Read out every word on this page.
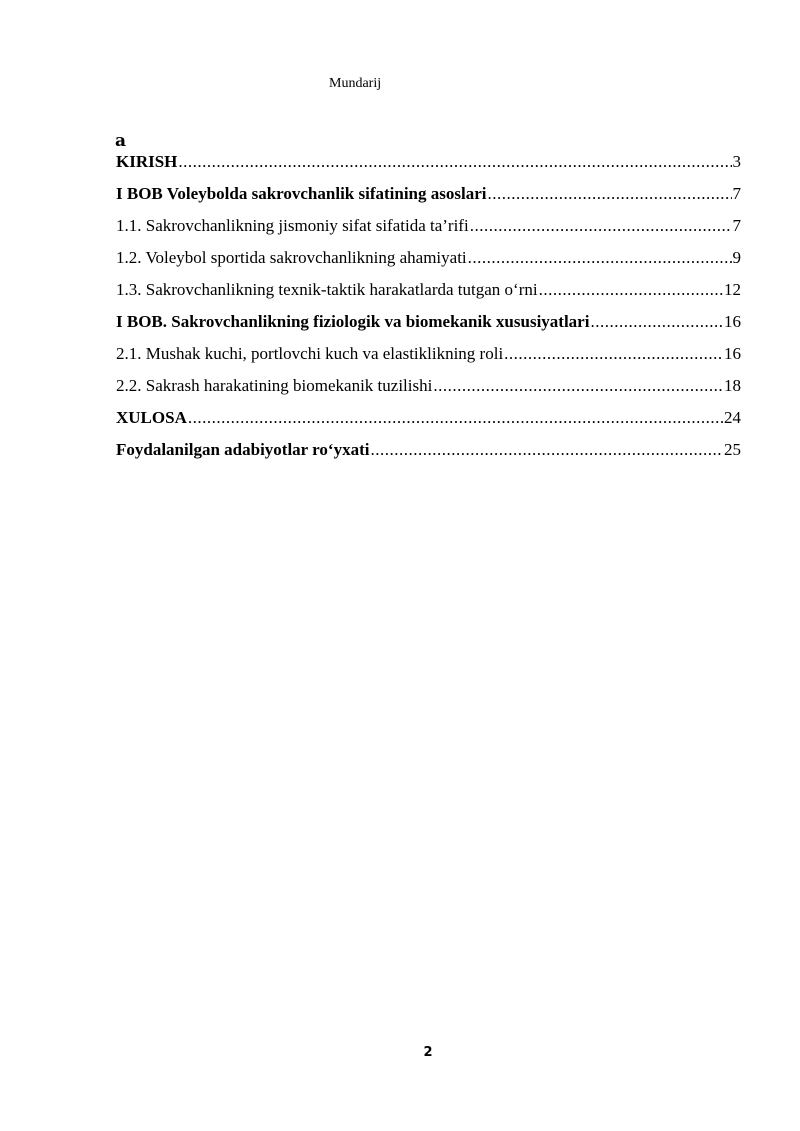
Mundarij
a
KIRISH .....	3
I BOB Voleybolda sakrovchanlik sifatining asoslari .....	7
1.1. Sakrovchanlikning jismoniy sifat sifatida ta’rifi .....	7
1.2. Voleybol sportida sakrovchanlikning ahamiyati .....	9
1.3. Sakrovchanlikning texnik-taktik harakatlarda tutgan o‘rni .....	12
I BOB. Sakrovchanlikning fiziologik va biomekanik xususiyatlari .....	16
2.1. Mushak kuchi, portlovchi kuch va elastiklikning roli .....	16
2.2. Sakrash harakatining biomekanik tuzilishi .....	18
XULOSA .....	24
Foydalanilgan adabiyotlar ro‘yxati .....	25
2
